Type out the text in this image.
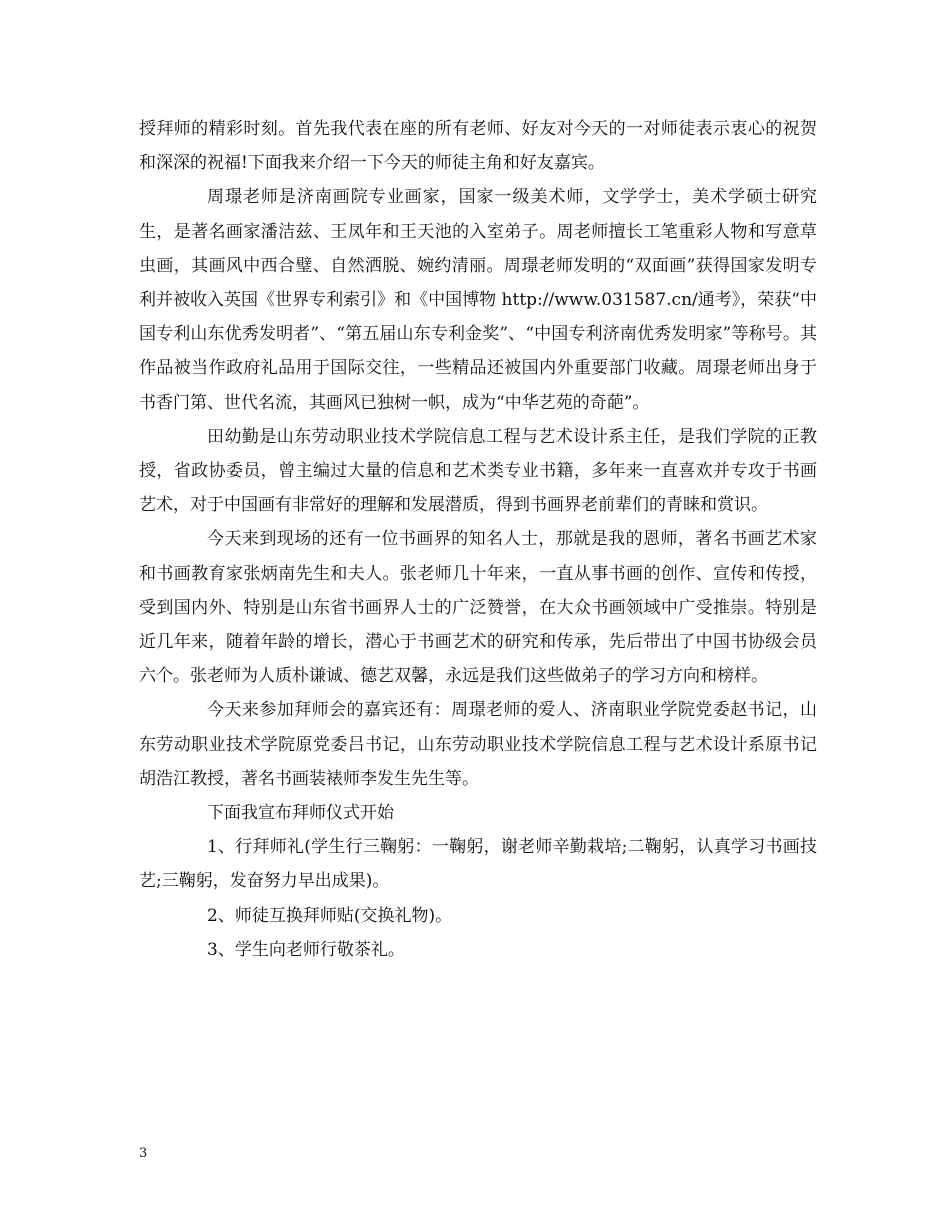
授拜师的精彩时刻。首先我代表在座的所有老师、好友对今天的一对师徒表示衷心的祝贺和深深的祝福!下面我来介绍一下今天的师徒主角和好友嘉宾。

周璟老师是济南画院专业画家，国家一级美术师，文学学士，美术学硕士研究生，是著名画家潘洁兹、王凤年和王天池的入室弟子。周老师擅长工笔重彩人物和写意草虫画，其画风中西合璧、自然洒脱、婉约清丽。周璟老师发明的“双面画”获得国家发明专利并被收入英国《世界专利索引》和《中国博物 http://www.031587.cn/通考》，荣获“中国专利山东优秀发明者”、“第五届山东专利金奖”、“中国专利济南优秀发明家”等称号。其作品被当作政府礼品用于国际交往，一些精品还被国内外重要部门收藏。周璟老师出身于书香门第、世代名流，其画风已独树一帜，成为“中华艺苑的奇葩”。

田幼勤是山东劳动职业技术学院信息工程与艺术设计系主任，是我们学院的正教授，省政协委员，曾主编过大量的信息和艺术类专业书籍，多年来一直喜欢并专攻于书画艺术，对于中国画有非常好的理解和发展潜质，得到书画界老前辈们的青睐和赏识。

今天来到现场的还有一位书画界的知名人士，那就是我的恩师，著名书画艺术家和书画教育家张炳南先生和夫人。张老师几十年来，一直从事书画的创作、宣传和传授，受到国内外、特别是山东省书画界人士的广泛赞誉，在大众书画领域中广受推崇。特别是近几年来，随着年龄的增长，潜心于书画艺术的研究和传承，先后带出了中国书协级会员六个。张老师为人质朴谦诚、德艺双馨，永远是我们这些做弟子的学习方向和榜样。

今天来参加拜师会的嘉宾还有：周璟老师的爱人、济南职业学院党委赵书记，山东劳动职业技术学院原党委吕书记，山东劳动职业技术学院信息工程与艺术设计系原书记胡浩江教授，著名书画装裱师李发生先生等。

下面我宣布拜师仪式开始

1、行拜师礼(学生行三鞠躬：一鞠躬，谢老师辛勤栽培;二鞠躬，认真学习书画技艺;三鞠躬，发奋努力早出成果)。

2、师徒互换拜师贴(交换礼物)。

3、学生向老师行敬茶礼。

3
